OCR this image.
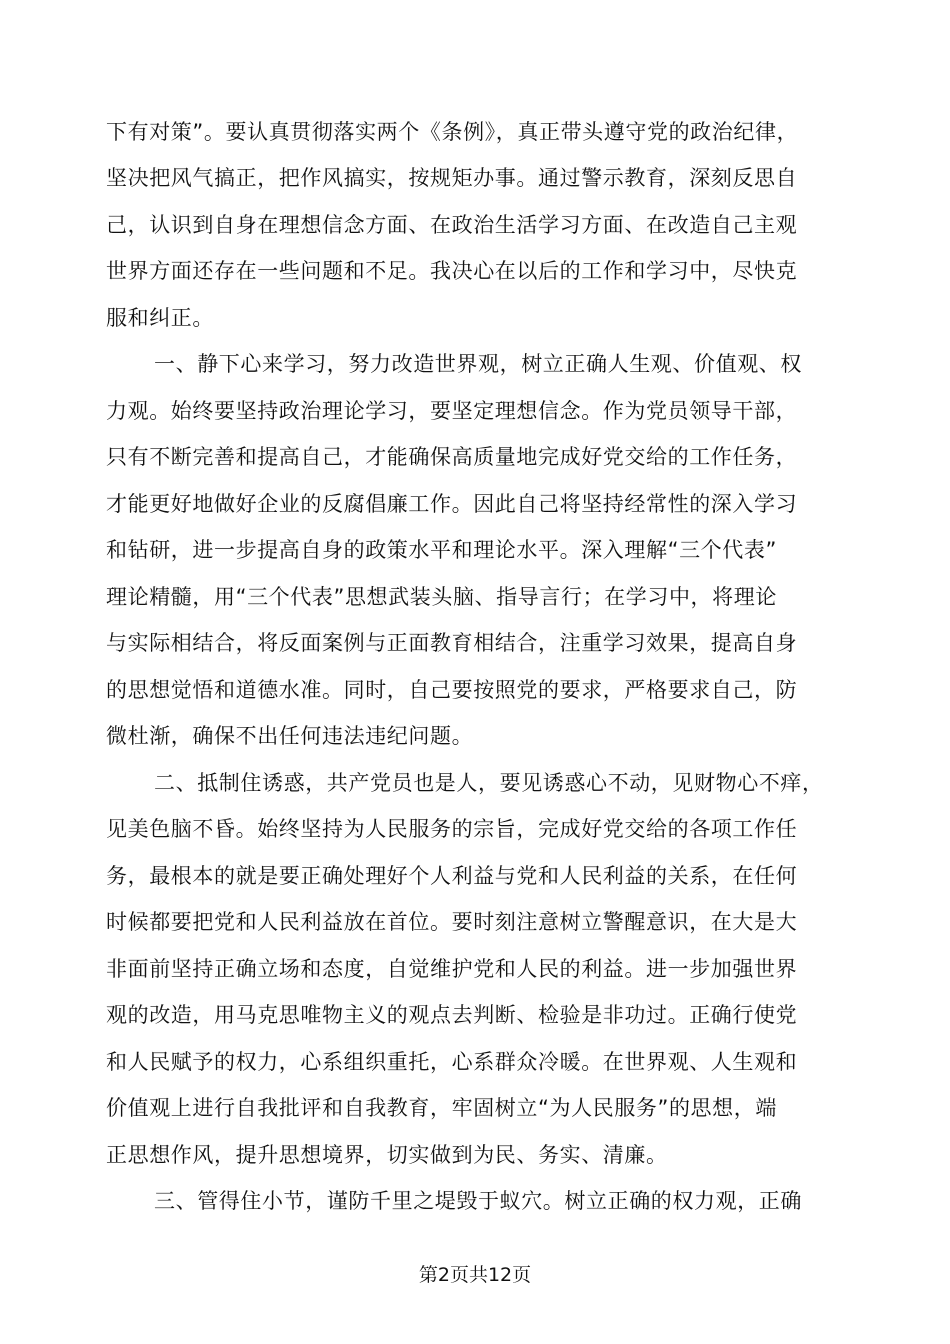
下有对策”。要认真贯彻落实两个《条例》，真正带头遵守党的政治纪律，
坚决把风气搞正，把作风搞实，按规矩办事。通过警示教育，深刻反思自
己，认识到自身在理想信念方面、在政治生活学习方面、在改造自己主观
世界方面还存在一些问题和不足。我决心在以后的工作和学习中，尽快克
服和纠正。
一、静下心来学习，努力改造世界观，树立正确人生观、价值观、权
力观。始终要坚持政治理论学习，要坚定理想信念。作为党员领导干部，
只有不断完善和提高自己，才能确保高质量地完成好党交给的工作任务，
才能更好地做好企业的反腐倡廉工作。因此自己将坚持经常性的深入学习
和钻研，进一步提高自身的政策水平和理论水平。深入理解“三个代表”
理论精髓，用“三个代表”思想武装头脑、指导言行；在学习中，将理论
与实际相结合，将反面案例与正面教育相结合，注重学习效果，提高自身
的思想觉悟和道德水准。同时，自己要按照党的要求，严格要求自己，防
微杜渐，确保不出任何违法违纪问题。
二、抵制住诱惑，共产党员也是人，要见诱惑心不动，见财物心不痒，
见美色脑不昏。始终坚持为人民服务的宗旨，完成好党交给的各项工作任
务，最根本的就是要正确处理好个人利益与党和人民利益的关系，在任何
时候都要把党和人民利益放在首位。要时刻注意树立警醒意识，在大是大
非面前坚持正确立场和态度，自觉维护党和人民的利益。进一步加强世界
观的改造，用马克思唯物主义的观点去判断、检验是非功过。正确行使党
和人民赋予的权力，心系组织重托，心系群众冷暖。在世界观、人生观和
价值观上进行自我批评和自我教育，牢固树立“为人民服务”的思想，端
正思想作风，提升思想境界，切实做到为民、务实、清廉。
三、管得住小节，谨防千里之堤毁于蚁穴。树立正确的权力观，正确
第2页共12页
